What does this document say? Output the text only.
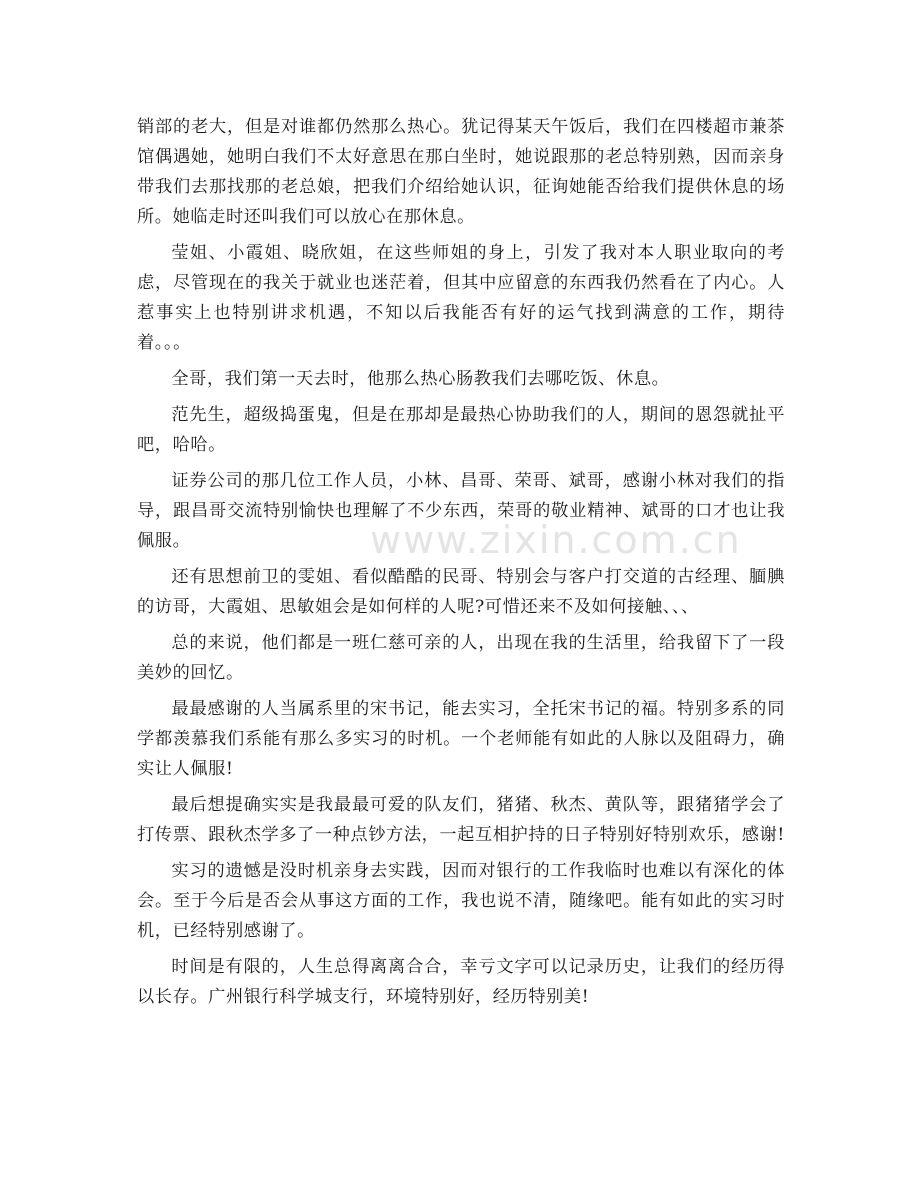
www.zixin.com.cn

销部的老大，但是对谁都仍然那么热心。犹记得某天午饭后，我们在四楼超市兼茶馆偶遇她，她明白我们不太好意思在那白坐时，她说跟那的老总特别熟，因而亲身带我们去那找那的老总娘，把我们介绍给她认识，征询她能否给我们提供休息的场所。她临走时还叫我们可以放心在那休息。

莹姐、小霞姐、晓欣姐，在这些师姐的身上，引发了我对本人职业取向的考虑，尽管现在的我关于就业也迷茫着，但其中应留意的东西我仍然看在了内心。人惹事实上也特别讲求机遇，不知以后我能否有好的运气找到满意的工作，期待着。。。

全哥，我们第一天去时，他那么热心肠教我们去哪吃饭、休息。

范先生，超级捣蛋鬼，但是在那却是最热心协助我们的人，期间的恩怨就扯平吧，哈哈。

证券公司的那几位工作人员，小林、昌哥、荣哥、斌哥，感谢小林对我们的指导，跟昌哥交流特别愉快也理解了不少东西，荣哥的敬业精神、斌哥的口才也让我佩服。

还有思想前卫的雯姐、看似酷酷的民哥、特别会与客户打交道的古经理、腼腆的访哥，大霞姐、思敏姐会是如何样的人呢?可惜还来不及如何接触、、、

总的来说，他们都是一班仁慈可亲的人，出现在我的生活里，给我留下了一段美妙的回忆。

最最感谢的人当属系里的宋书记，能去实习，全托宋书记的福。特别多系的同学都羡慕我们系能有那么多实习的时机。一个老师能有如此的人脉以及阻碍力，确实让人佩服!

最后想提确实实是我最最可爱的队友们，猪猪、秋杰、黄队等，跟猪猪学会了打传票、跟秋杰学多了一种点钞方法，一起互相护持的日子特别好特别欢乐，感谢!

实习的遗憾是没时机亲身去实践，因而对银行的工作我临时也难以有深化的体会。至于今后是否会从事这方面的工作，我也说不清，随缘吧。能有如此的实习时机，已经特别感谢了。

时间是有限的，人生总得离离合合，幸亏文字可以记录历史，让我们的经历得以长存。广州银行科学城支行，环境特别好，经历特别美!
